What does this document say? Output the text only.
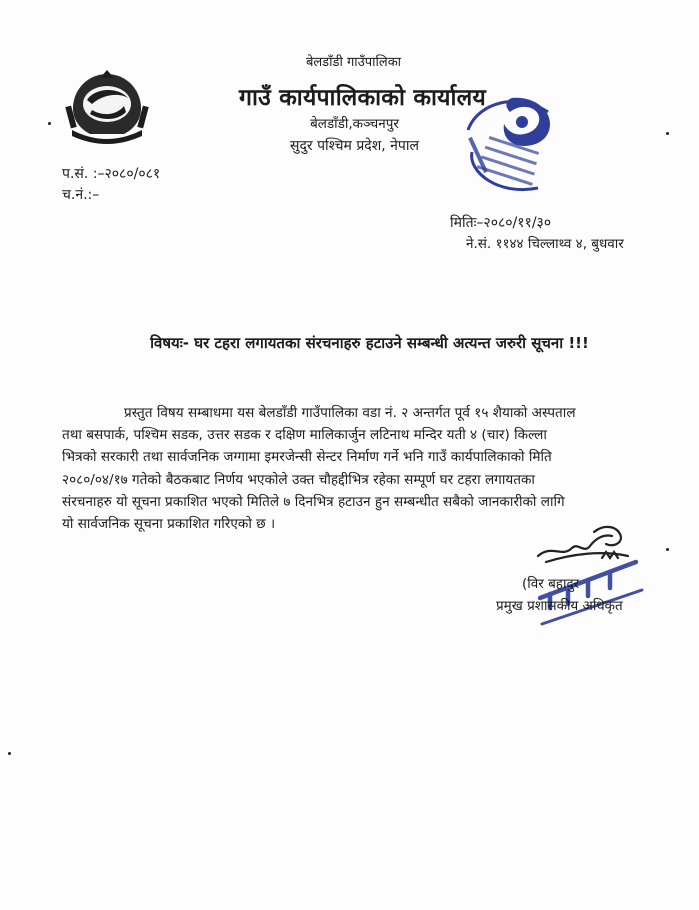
बेलडाँडी गाउँपालिका
गाउँ कार्यपालिकाको कार्यालय
बेलडाँडी,कञ्चनपुर
सुदुर पश्चिम प्रदेश, नेपाल
प.सं. :–२०८०/०८१
च.नं.:–
मितिः–२०८०/११/३०
ने.सं. ११४४ चिल्लाथ्व ४, बुधवार
विषयः- घर टहरा लगायतका संरचनाहरु हटाउने सम्बन्धी अत्यन्त जरुरी सूचना !!!
प्रस्तुत विषय सम्बाधमा यस बेलडाँडी गाउँपालिका वडा नं. २ अन्तर्गत पूर्व १५ शैयाको अस्पताल
तथा बसपार्क, पश्चिम सडक, उत्तर सडक र दक्षिण मालिकार्जुन लटिनाथ मन्दिर यती ४ (चार) किल्ला
भित्रको सरकारी तथा सार्वजनिक जग्गामा इमरजेन्सी सेन्टर निर्माण गर्ने भनि गाउँ कार्यपालिकाको मिति
२०८०/०४/१७ गतेको बैठकबाट निर्णय भएकोले उक्त चौहद्दीभित्र रहेका सम्पूर्ण घर टहरा लगायतका
संरचनाहरु यो सूचना प्रकाशित भएको मितिले ७ दिनभित्र हटाउन हुन सम्बन्धीत सबैको जानकारीको लागि
यो सार्वजनिक सूचना प्रकाशित गरिएको छ ।
(विर बहादुर
प्रमुख प्रशासकीय अधिकृत
